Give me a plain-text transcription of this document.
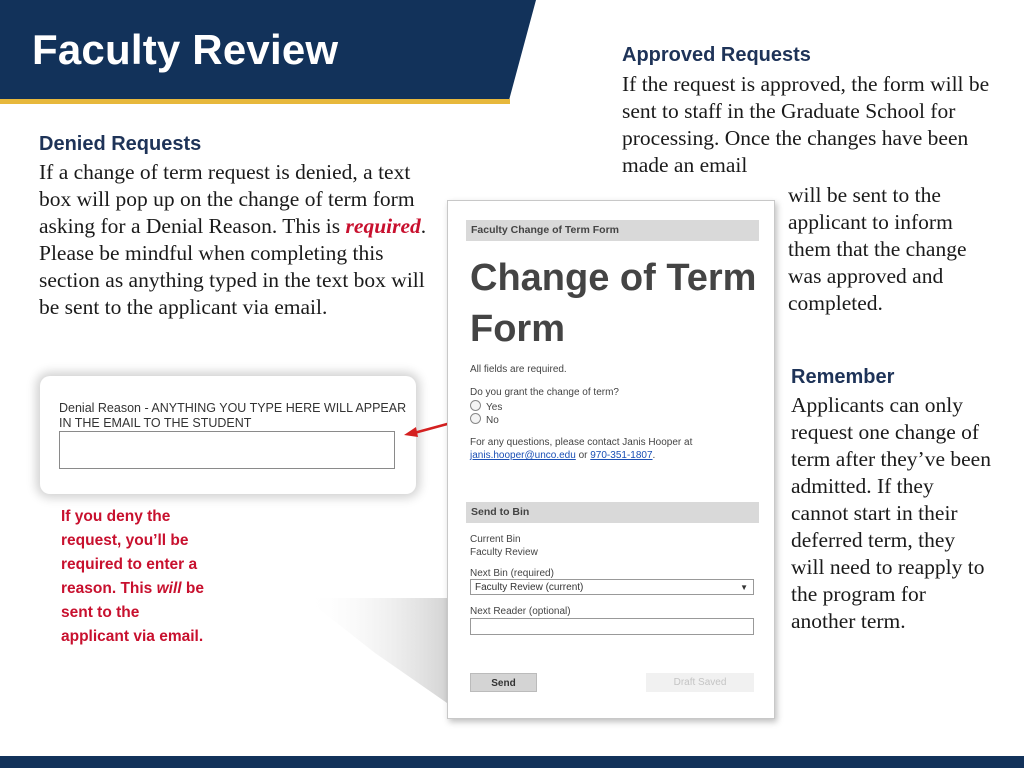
Faculty Review	Approved Requests
If the request is approved, the form will be sent to staff in the Graduate School for processing. Once the changes have been made an email
will be sent to the applicant to inform them that the change was approved and completed.
Denied Requests
If a change of term request is denied, a text box will pop up on the change of term form asking for a Denial Reason. This is required. Please be mindful when completing this section as anything typed in the text box will be sent to the applicant via email.
Denial Reason - ANYTHING YOU TYPE HERE WILL APPEAR IN THE EMAIL TO THE STUDENT
If you deny the request, you’ll be required to enter a reason. This will be sent to the applicant via email.
Faculty Change of Term Form
Change of Term Form
All fields are required.
Do you grant the change of term?
Yes
No
For any questions, please contact Janis Hooper at
janis.hooper@unco.edu or 970-351-1807.
Send to Bin
Current Bin
Faculty Review
Next Bin (required)
Faculty Review (current)	▼
Next Reader (optional)
Send	Draft Saved
Remember
Applicants can only request one change of term after they’ve been admitted. If they cannot start in their deferred term, they will need to reapply to the program for another term.
